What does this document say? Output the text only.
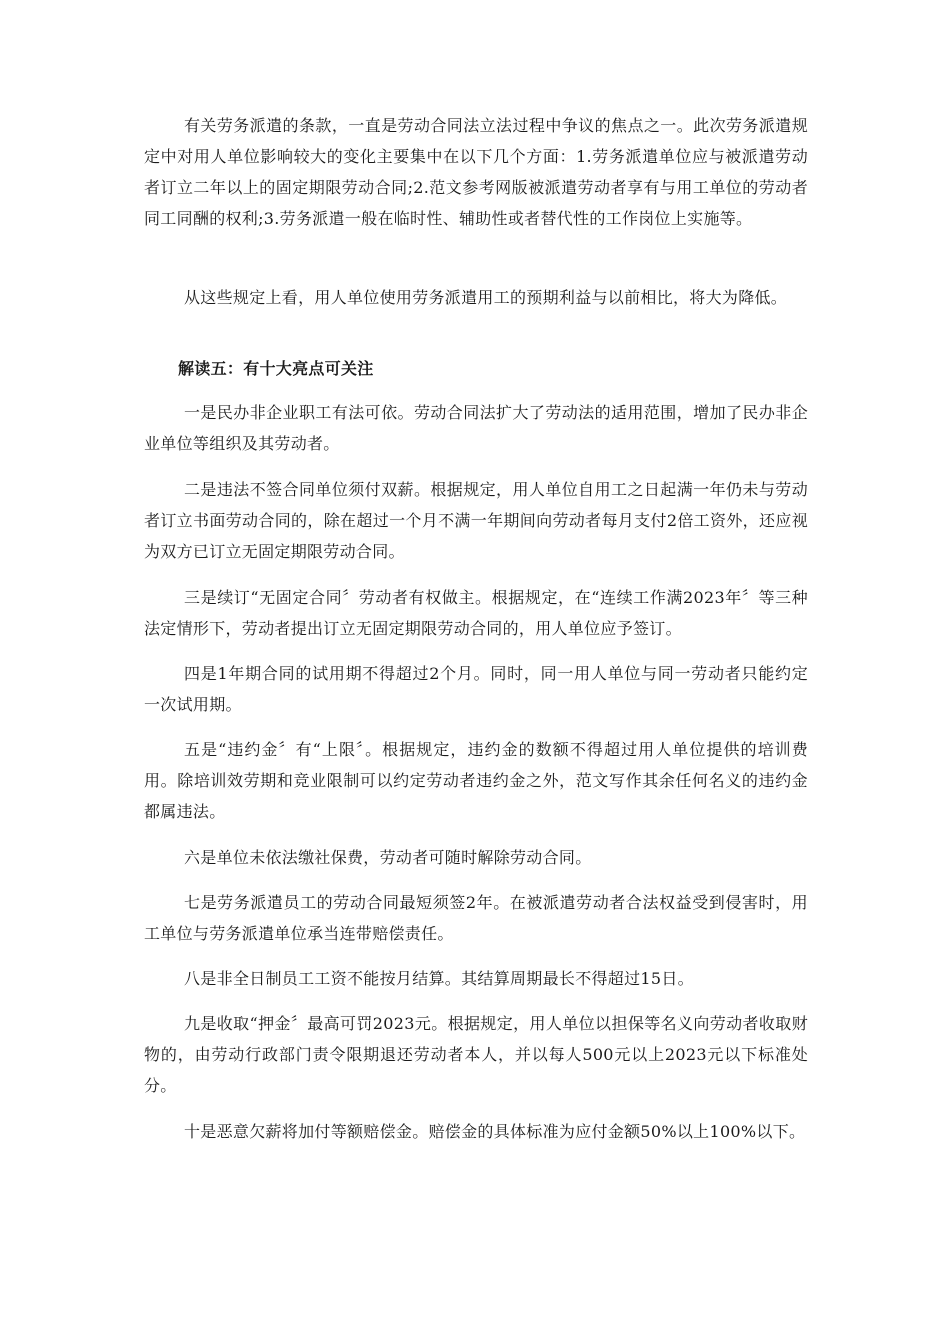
有关劳务派遣的条款，一直是劳动合同法立法过程中争议的焦点之一。此次劳务派遣规定中对用人单位影响较大的变化主要集中在以下几个方面：1.劳务派遣单位应与被派遣劳动者订立二年以上的固定期限劳动合同;2.范文参考网版被派遣劳动者享有与用工单位的劳动者同工同酬的权利;3.劳务派遣一般在临时性、辅助性或者替代性的工作岗位上实施等。

从这些规定上看，用人单位使用劳务派遣用工的预期利益与以前相比，将大为降低。

解读五：有十大亮点可关注

一是民办非企业职工有法可依。劳动合同法扩大了劳动法的适用范围，增加了民办非企业单位等组织及其劳动者。

二是违法不签合同单位须付双薪。根据规定，用人单位自用工之日起满一年仍未与劳动者订立书面劳动合同的，除在超过一个月不满一年期间向劳动者每月支付2倍工资外，还应视为双方已订立无固定期限劳动合同。

三是续订“无固定合同〞劳动者有权做主。根据规定，在“连续工作满2023年〞等三种法定情形下，劳动者提出订立无固定期限劳动合同的，用人单位应予签订。

四是1年期合同的试用期不得超过2个月。同时，同一用人单位与同一劳动者只能约定一次试用期。

五是“违约金〞有“上限〞。根据规定，违约金的数额不得超过用人单位提供的培训费用。除培训效劳期和竞业限制可以约定劳动者违约金之外，范文写作其余任何名义的违约金都属违法。

六是单位未依法缴社保费，劳动者可随时解除劳动合同。

七是劳务派遣员工的劳动合同最短须签2年。在被派遣劳动者合法权益受到侵害时，用工单位与劳务派遣单位承当连带赔偿责任。

八是非全日制员工工资不能按月结算。其结算周期最长不得超过15日。

九是收取“押金〞最高可罚2023元。根据规定，用人单位以担保等名义向劳动者收取财物的，由劳动行政部门责令限期退还劳动者本人，并以每人500元以上2023元以下标准处分。

十是恶意欠薪将加付等额赔偿金。赔偿金的具体标准为应付金额50%以上100%以下。
